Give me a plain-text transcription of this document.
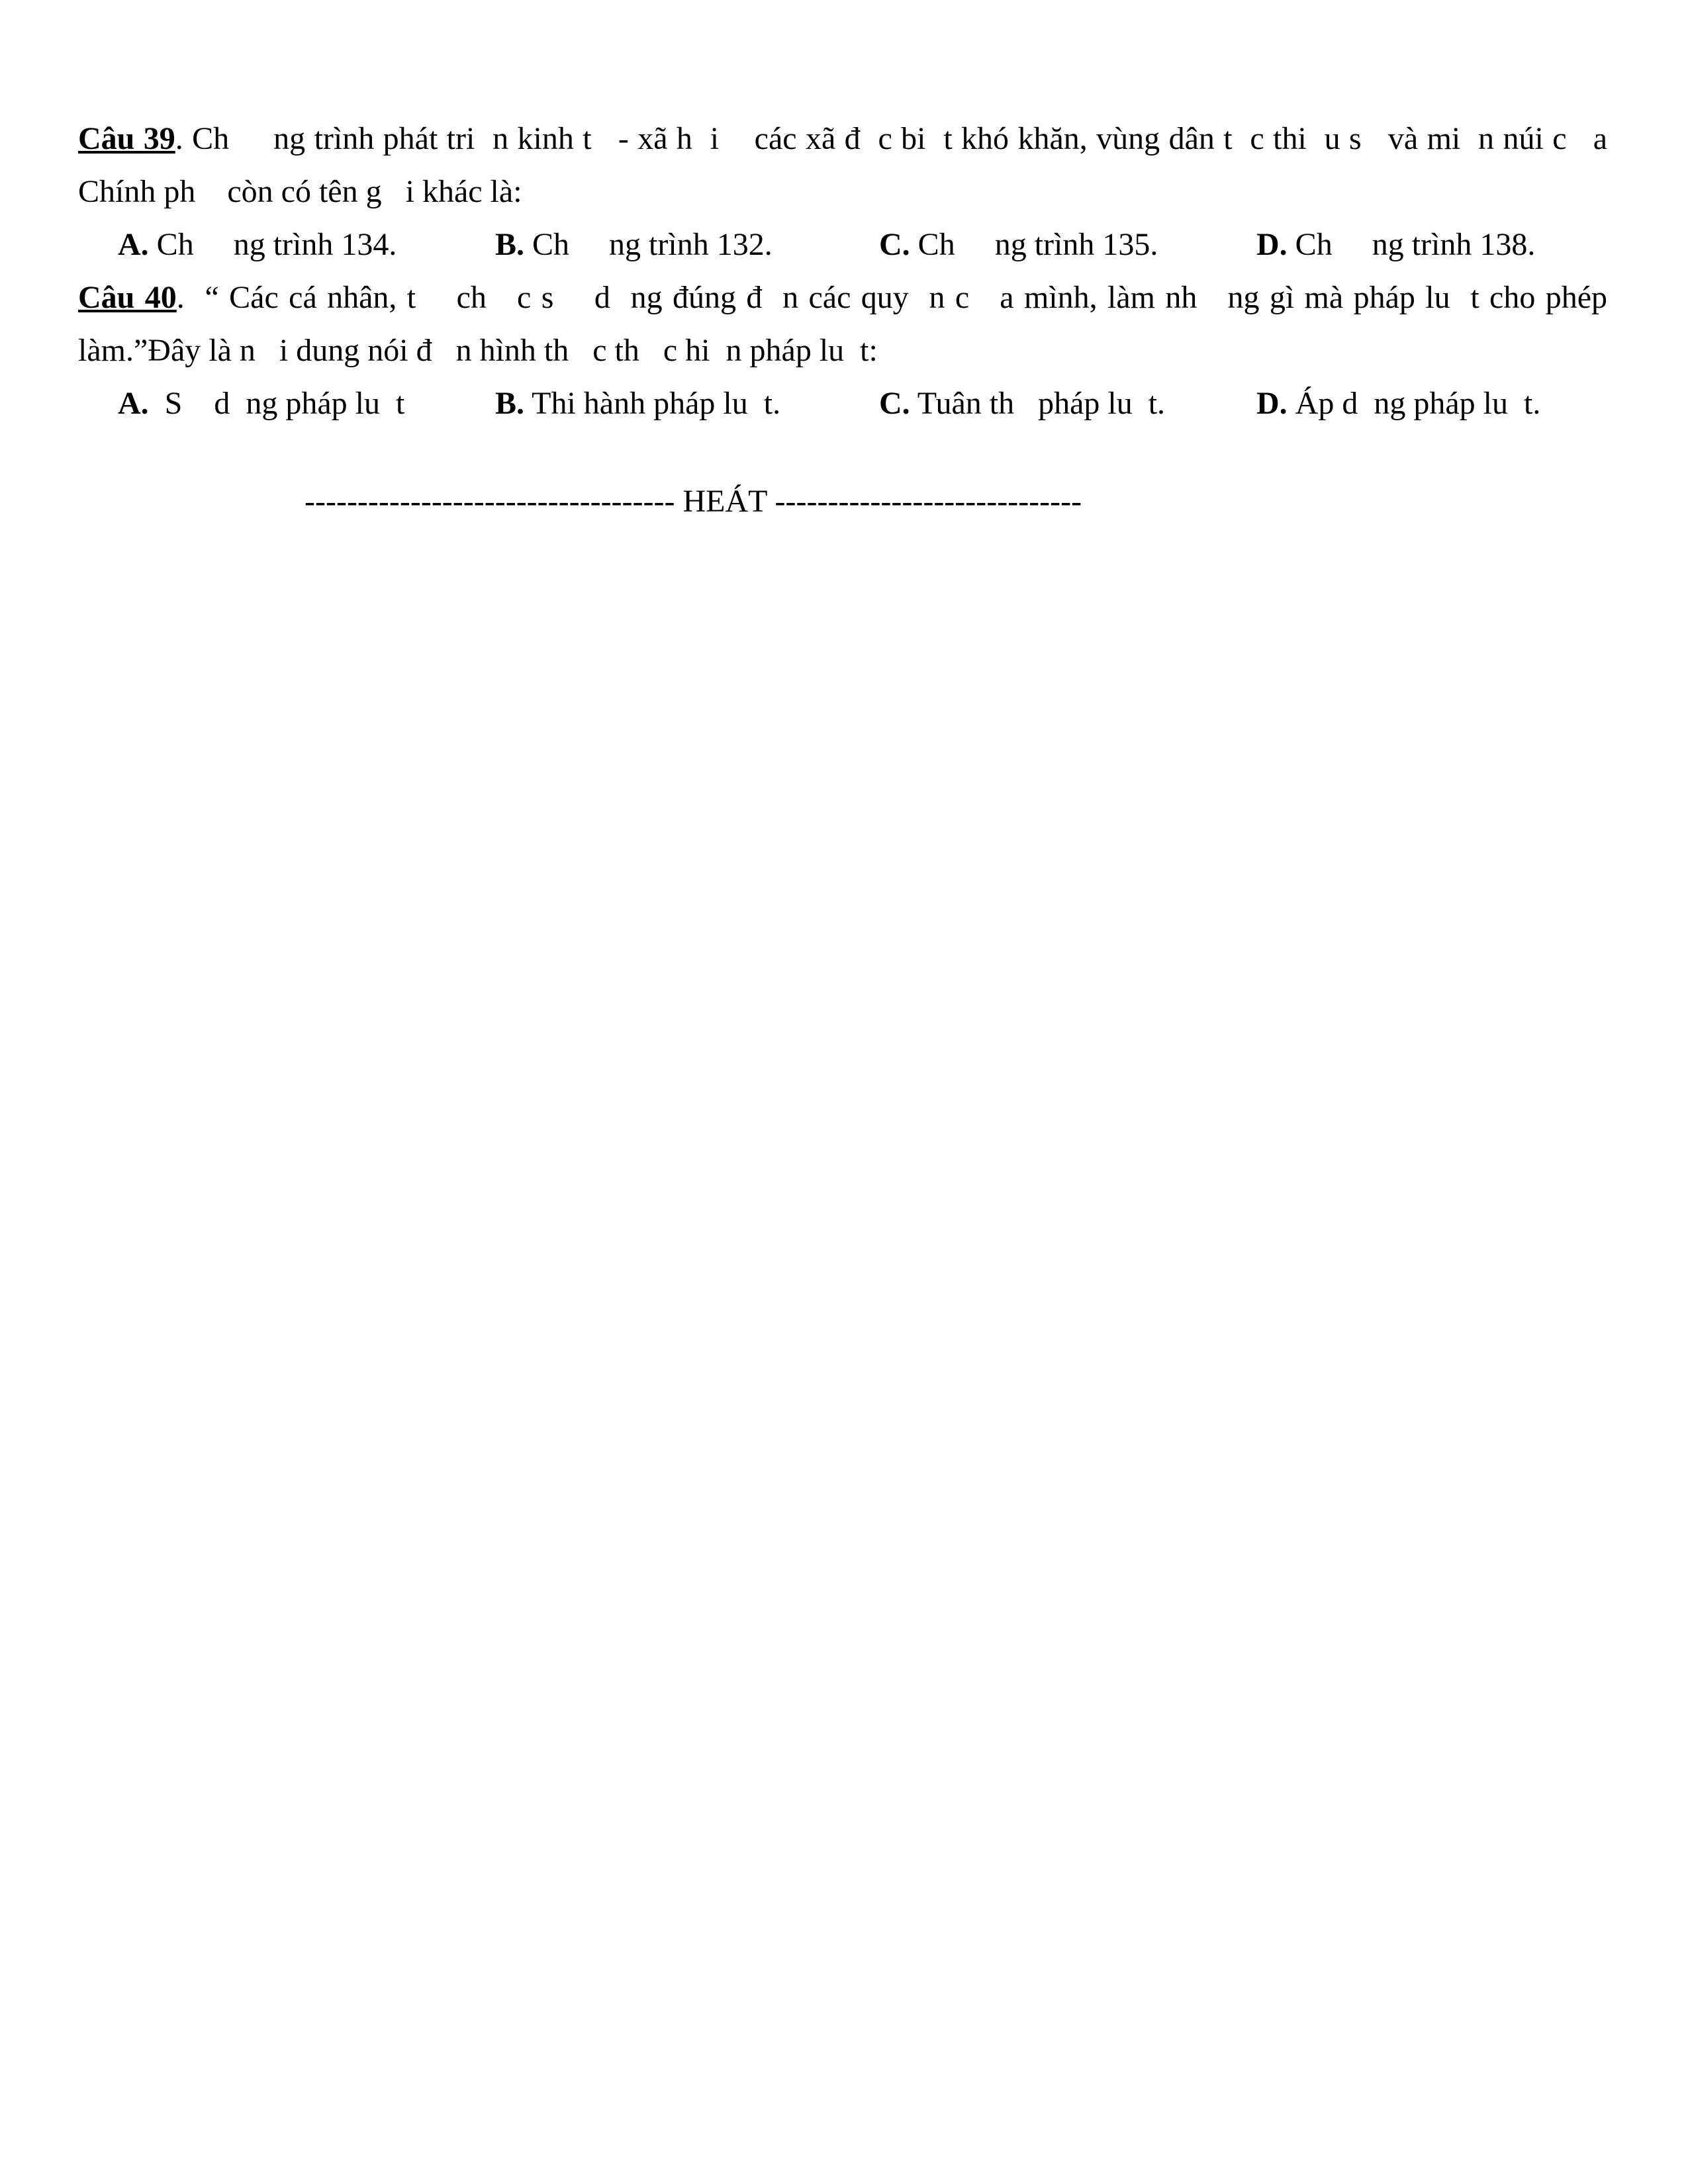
Câu 39. Ch     ng trình phát tri  n kinh t   - xã h  i    các xã đ  c bi  t khó khăn, vùng dân t  c thi  u s   và mi  n núi c   a Chính ph    còn có tên g   i khác là:
A. Ch     ng trình 134.	B. Ch     ng trình 132.	C. Ch     ng trình 135.	D. Ch     ng trình 138.
Câu 40.  “ Các cá nhân, t    ch   c s    d  ng đúng đ  n các quy  n c   a mình, làm nh   ng gì mà pháp lu  t cho phép làm.”Đây là n   i dung nói đ   n hình th   c th   c hi  n pháp lu  t:
A.  S    d  ng pháp lu  t	B. Thi hành pháp lu  t.	C. Tuân th   pháp lu  t.	D. Áp d  ng pháp lu  t.
----------------------------------- HEÁT -----------------------------
